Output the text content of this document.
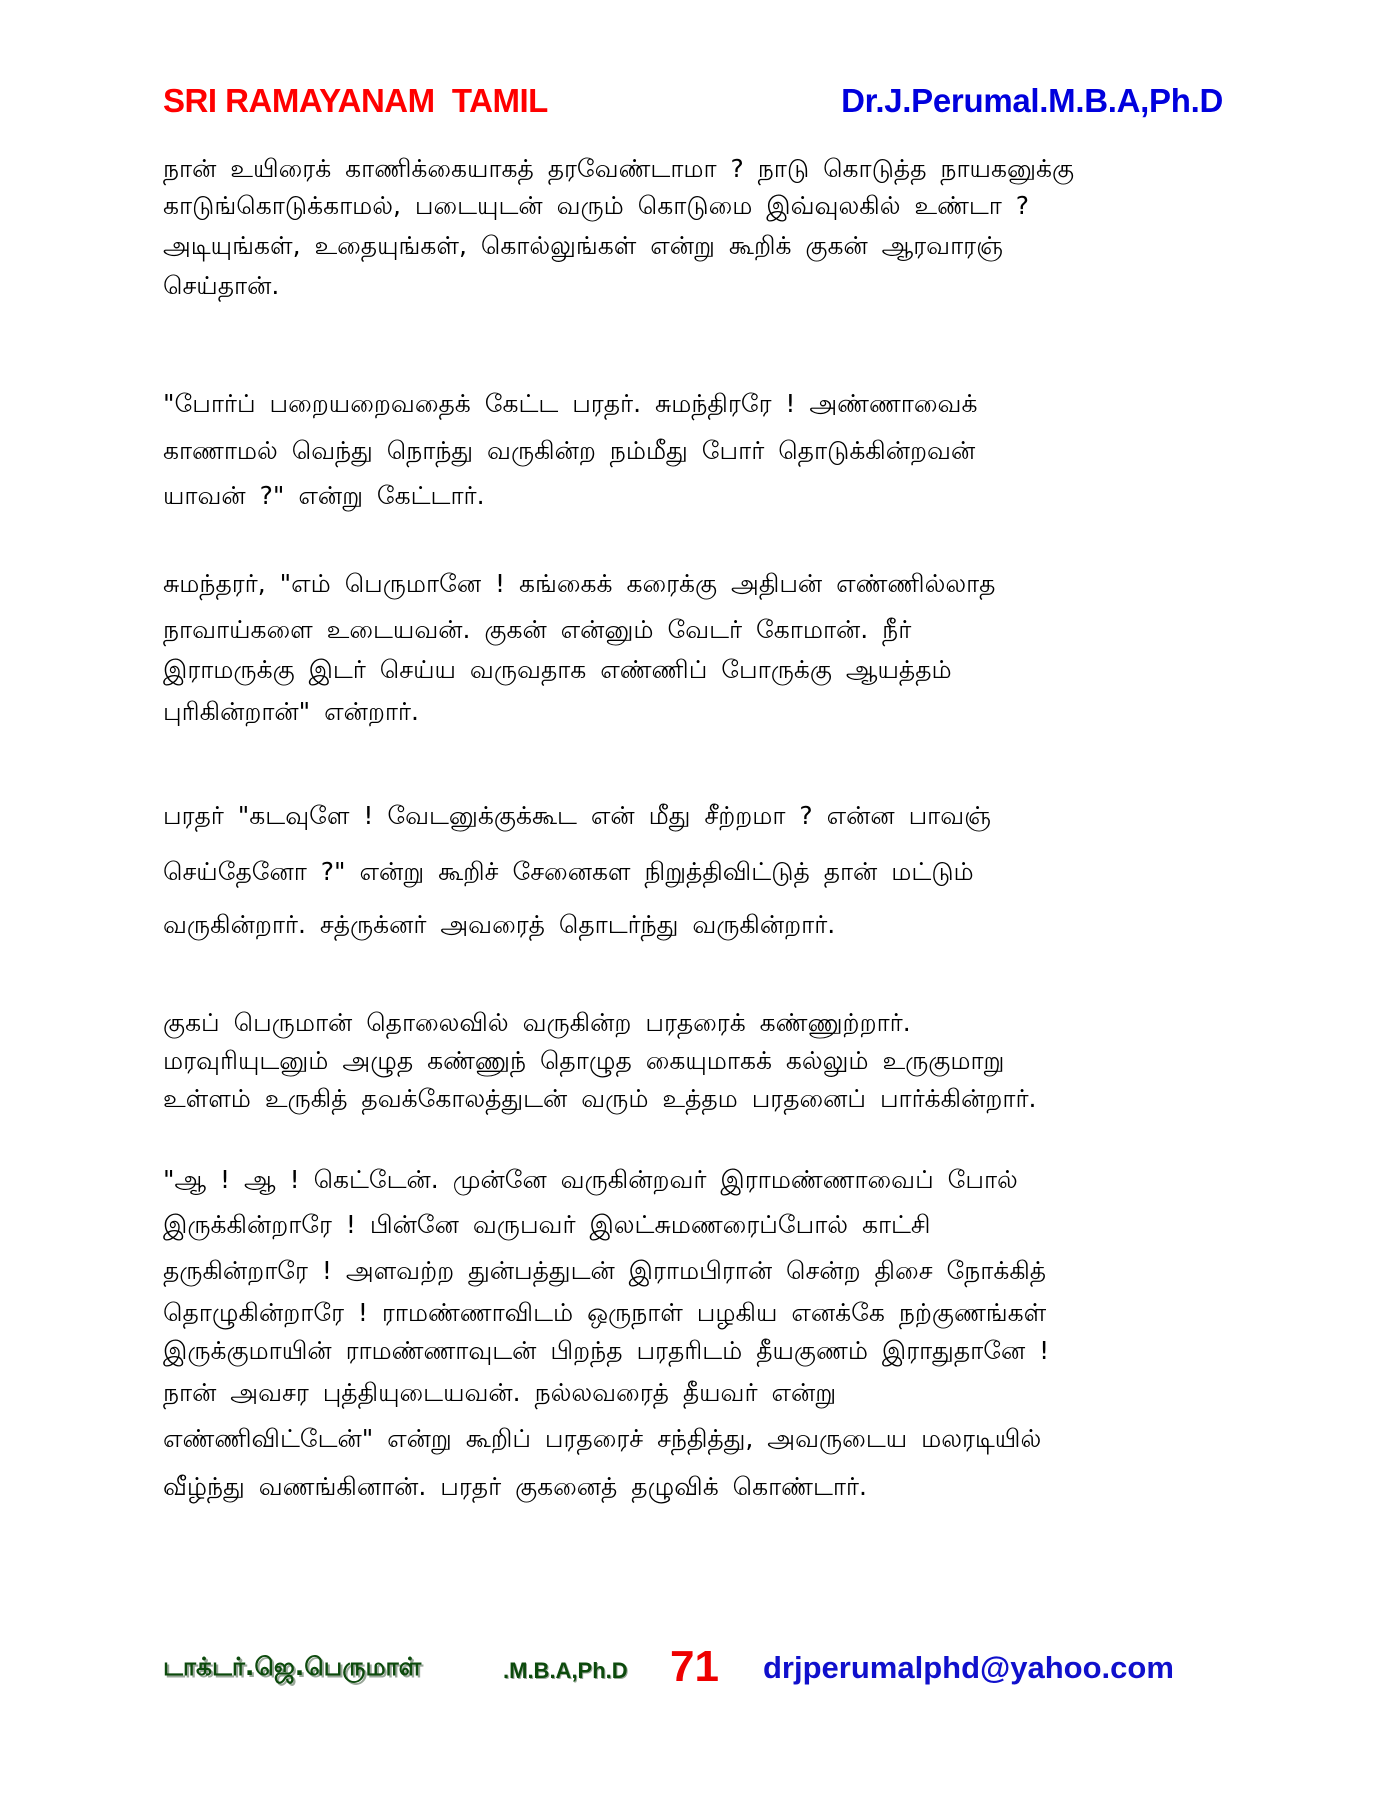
SRI RAMAYANAM  TAMIL	Dr.J.Perumal.M.B.A,Ph.D
நான் உயிரைக் காணிக்கையாகத் தரவேண்டாமா ? நாடு கொடுத்த நாயகனுக்கு
காடுங்கொடுக்காமல், படையுடன் வரும் கொடுமை இவ்வுலகில் உண்டா ?
அடியுங்கள், உதையுங்கள், கொல்லுங்கள் என்று கூறிக் குகன் ஆரவாரஞ்
செய்தான்.
"போர்ப் பறையறைவதைக் கேட்ட பரதர். சுமந்திரரே ! அண்ணாவைக்
காணாமல் வெந்து நொந்து வருகின்ற நம்மீது போர் தொடுக்கின்றவன்
யாவன் ?" என்று கேட்டார்.
சுமந்தரர், "எம் பெருமானே ! கங்கைக் கரைக்கு அதிபன் எண்ணில்லாத
நாவாய்களை உடையவன். குகன் என்னும் வேடர் கோமான். நீர்
இராமருக்கு இடர் செய்ய வருவதாக எண்ணிப் போருக்கு ஆயத்தம்
புரிகின்றான்" என்றார்.
பரதர் "கடவுளே ! வேடனுக்குக்கூட என் மீது சீற்றமா ? என்ன பாவஞ்
செய்தேனோ ?" என்று கூறிச் சேனைகள நிறுத்திவிட்டுத் தான் மட்டும்
வருகின்றார். சத்ருக்னர் அவரைத் தொடர்ந்து வருகின்றார்.
குகப் பெருமான் தொலைவில் வருகின்ற பரதரைக் கண்ணுற்றார்.
மரவுரியுடனும் அழுத கண்ணுந் தொழுத கையுமாகக் கல்லும் உருகுமாறு
உள்ளம் உருகித் தவக்கோலத்துடன் வரும் உத்தம பரதனைப் பார்க்கின்றார்.
"ஆ ! ஆ ! கெட்டேன். முன்னே வருகின்றவர் இராமண்ணாவைப் போல்
இருக்கின்றாரே ! பின்னே வருபவர் இலட்சுமணரைப்போல் காட்சி
தருகின்றாரே ! அளவற்ற துன்பத்துடன் இராமபிரான் சென்ற திசை நோக்கித்
தொழுகின்றாரே ! ராமண்ணாவிடம் ஒருநாள் பழகிய எனக்கே நற்குணங்கள்
இருக்குமாயின் ராமண்ணாவுடன் பிறந்த பரதரிடம் தீயகுணம் இராதுதானே !
நான் அவசர புத்தியுடையவன். நல்லவரைத் தீயவர் என்று
எண்ணிவிட்டேன்" என்று கூறிப் பரதரைச் சந்தித்து, அவருடைய மலரடியில்
வீழ்ந்து வணங்கினான். பரதர் குகனைத் தழுவிக் கொண்டார்.
டாக்டர்.ஜெ.பெருமாள்	.M.B.A,Ph.D 71 drjperumalphd@yahoo.com
